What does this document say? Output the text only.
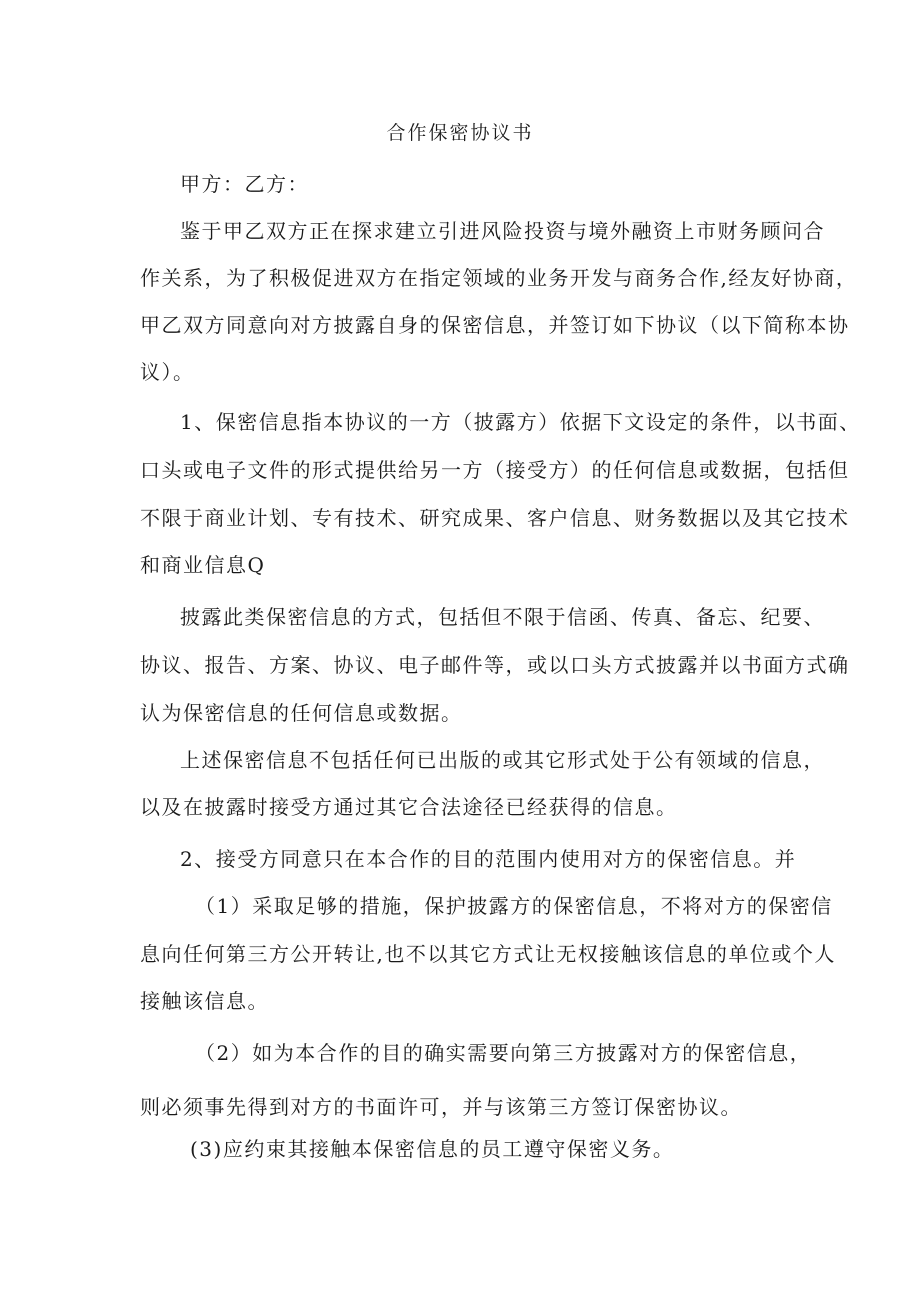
合作保密协议书
甲方：乙方：
鉴于甲乙双方正在探求建立引进风险投资与境外融资上市财务顾问合
作关系，为了积极促进双方在指定领域的业务开发与商务合作,经友好协商，
甲乙双方同意向对方披露自身的保密信息，并签订如下协议（以下简称本协
议）。
1、保密信息指本协议的一方（披露方）依据下文设定的条件，以书面、
口头或电子文件的形式提供给另一方（接受方）的任何信息或数据，包括但
不限于商业计划、专有技术、研究成果、客户信息、财务数据以及其它技术
和商业信息Q
披露此类保密信息的方式，包括但不限于信函、传真、备忘、纪要、
协议、报告、方案、协议、电子邮件等，或以口头方式披露并以书面方式确
认为保密信息的任何信息或数据。
上述保密信息不包括任何已出版的或其它形式处于公有领域的信息，
以及在披露时接受方通过其它合法途径已经获得的信息。
2、接受方同意只在本合作的目的范围内使用对方的保密信息。并
（1）采取足够的措施，保护披露方的保密信息，不将对方的保密信
息向任何第三方公开转让,也不以其它方式让无权接触该信息的单位或个人
接触该信息。
（2）如为本合作的目的确实需要向第三方披露对方的保密信息，
则必须事先得到对方的书面许可，并与该第三方签订保密协议。
(3)应约束其接触本保密信息的员工遵守保密义务。
